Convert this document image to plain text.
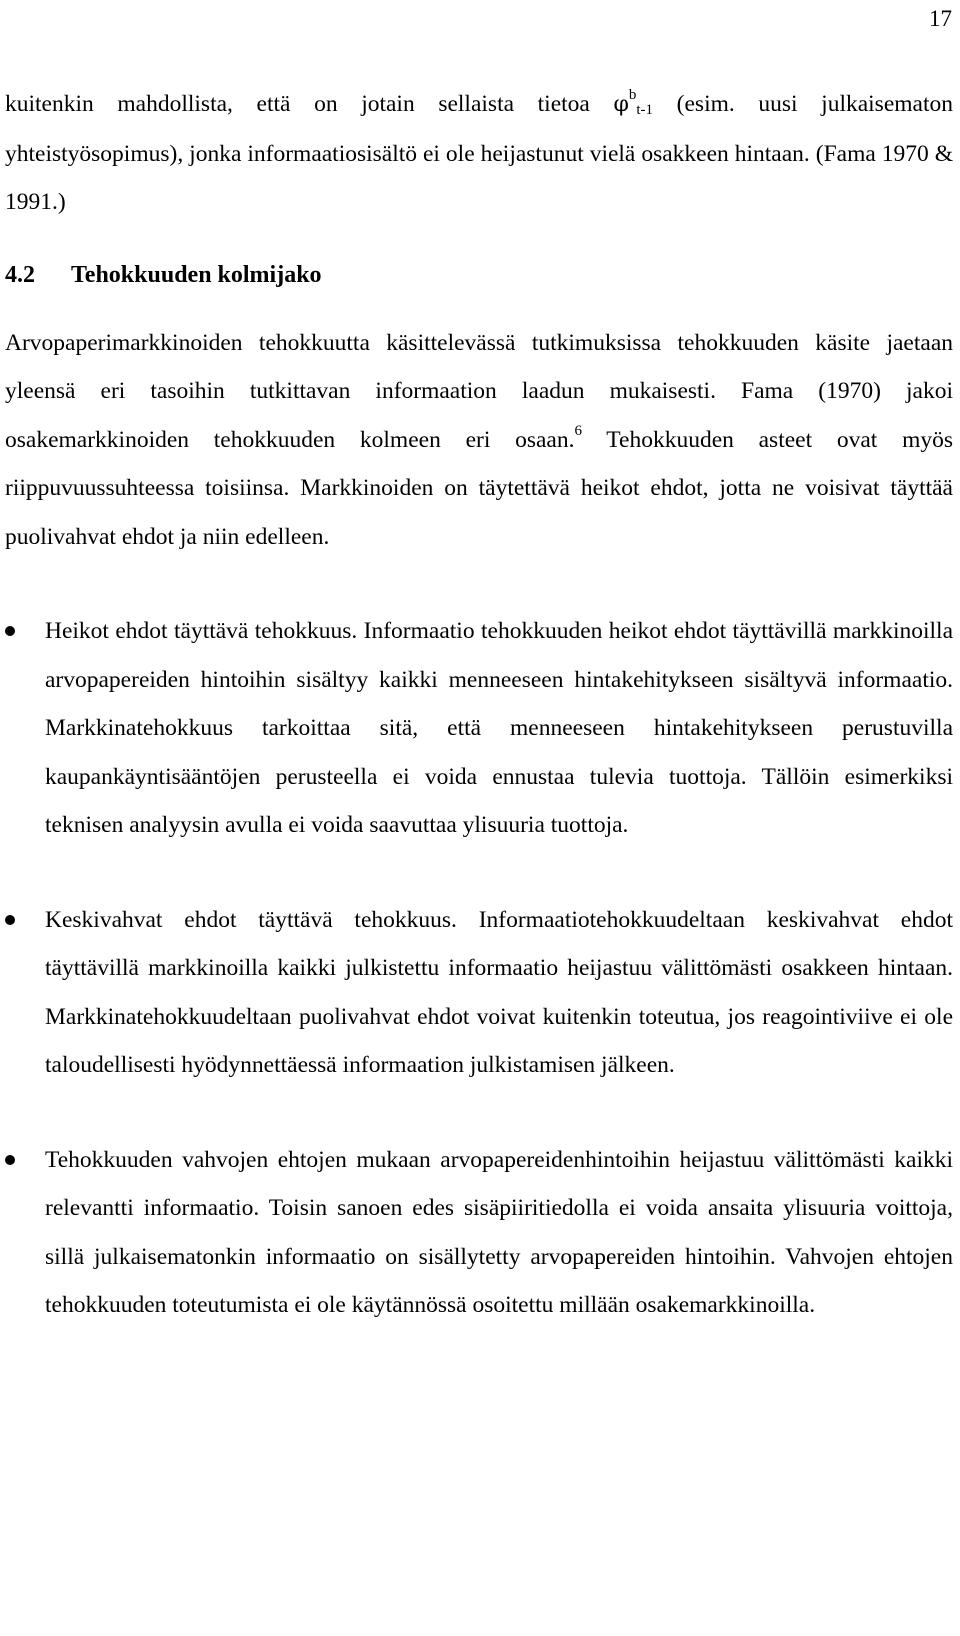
17

kuitenkin mahdollista, että on jotain sellaista tietoa $\varphi^b_{t-1}$ (esim. uusi julkaisematon yhteistyösopimus), jonka informaatiosisältö ei ole heijastunut vielä osakkeen hintaan. (Fama 1970 & 1991.)

4.2 Tehokkuuden kolmijako

Arvopaperimarkkinoiden tehokkuutta käsittelevässä tutkimuksissa tehokkuuden käsite jaetaan yleensä eri tasoihin tutkittavan informaation laadun mukaisesti. Fama (1970) jakoi osakemarkkinoiden tehokkuuden kolmeen eri osaan.$^6$ Tehokkuuden asteet ovat myös riippuvuussuhteessa toisiinsa. Markkinoiden on täytettävä heikot ehdot, jotta ne voisivat täyttää puolivahvat ehdot ja niin edelleen.

Heikot ehdot täyttävä tehokkuus. Informaatio tehokkuuden heikot ehdot täyttävillä markkinoilla arvopapereiden hintoihin sisältyy kaikki menneeseen hintakehitykseen sisältyvä informaatio. Markkinatehokkuus tarkoittaa sitä, että menneeseen hintakehitykseen perustuvilla kaupankäyntisääntöjen perusteella ei voida ennustaa tulevia tuottoja. Tällöin esimerkiksi teknisen analyysin avulla ei voida saavuttaa ylisuuria tuottoja.

Keskivahvat ehdot täyttävä tehokkuus. Informaatiotehokkuudeltaan keskivahvat ehdot täyttävillä markkinoilla kaikki julkistettu informaatio heijastuu välittömästi osakkeen hintaan. Markkinatehokkuudeltaan puolivahvat ehdot voivat kuitenkin toteutua, jos reagointiviive ei ole taloudellisesti hyödynnettäessä informaation julkistamisen jälkeen.

Tehokkuuden vahvojen ehtojen mukaan arvopapereidenhintoihin heijastuu välittömästi kaikki relevantti informaatio. Toisin sanoen edes sisäpiiritiedolla ei voida ansaita ylisuuria voittoja, sillä julkaisematonkin informaatio on sisällytetty arvopapereiden hintoihin. Vahvojen ehtojen tehokkuuden toteutumista ei ole käytännössä osoitettu millään osakemarkkinoilla.
